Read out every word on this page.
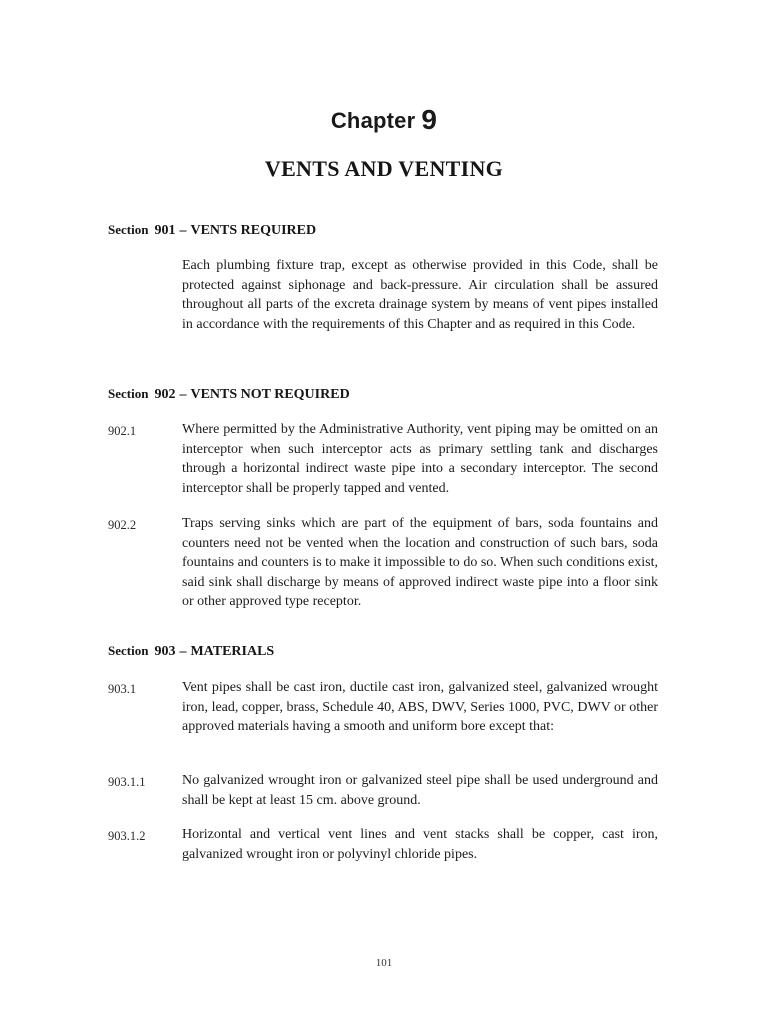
Chapter 9
VENTS AND VENTING
Section 901 – VENTS REQUIRED
Each plumbing fixture trap, except as otherwise provided in this Code, shall be protected against siphonage and back-pressure. Air circulation shall be assured throughout all parts of the excreta drainage system by means of vent pipes installed in accordance with the requirements of this Chapter and as required in this Code.
Section 902 – VENTS NOT REQUIRED
902.1	Where permitted by the Administrative Authority, vent piping may be omitted on an interceptor when such interceptor acts as primary settling tank and discharges through a horizontal indirect waste pipe into a secondary interceptor. The second interceptor shall be properly tapped and vented.
902.2	Traps serving sinks which are part of the equipment of bars, soda fountains and counters need not be vented when the location and construction of such bars, soda fountains and counters is to make it impossible to do so. When such conditions exist, said sink shall discharge by means of approved indirect waste pipe into a floor sink or other approved type receptor.
Section 903 – MATERIALS
903.1	Vent pipes shall be cast iron, ductile cast iron, galvanized steel, galvanized wrought iron, lead, copper, brass, Schedule 40, ABS, DWV, Series 1000, PVC, DWV or other approved materials having a smooth and uniform bore except that:
903.1.1	No galvanized wrought iron or galvanized steel pipe shall be used underground and shall be kept at least 15 cm. above ground.
903.1.2	Horizontal and vertical vent lines and vent stacks shall be copper, cast iron, galvanized wrought iron or polyvinyl chloride pipes.
101
